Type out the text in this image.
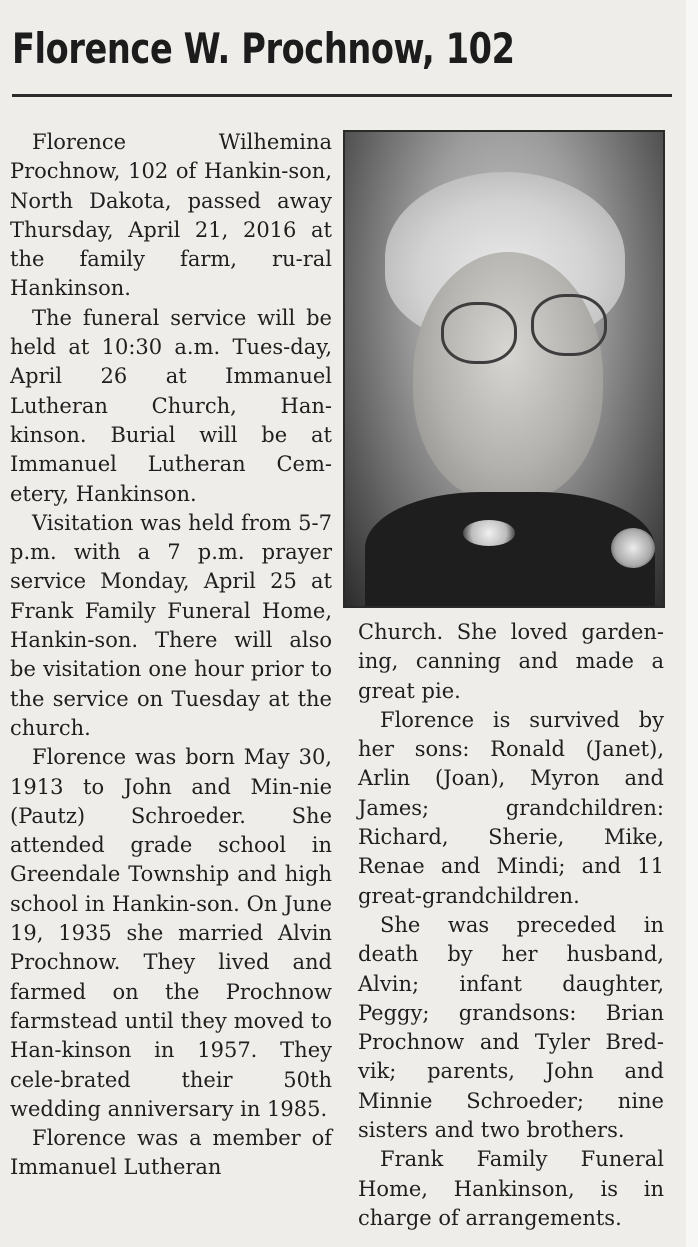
Florence W. Prochnow, 102

Florence Wilhemina Prochnow, 102 of Hankin-son, North Dakota, passed away Thursday, April 21, 2016 at the family farm, ru-ral Hankinson.

The funeral service will be held at 10:30 a.m. Tues-day, April 26 at Immanuel Lutheran Church, Han-kinson. Burial will be at Immanuel Lutheran Cem-etery, Hankinson.

Visitation was held from 5-7 p.m. with a 7 p.m. prayer service Monday, April 25 at Frank Family Funeral Home, Hankin-son. There will also be visitation one hour prior to the service on Tuesday at the church.

Florence was born May 30, 1913 to John and Min-nie (Pautz) Schroeder. She attended grade school in Greendale Township and high school in Hankin-son. On June 19, 1935 she married Alvin Prochnow. They lived and farmed on the Prochnow farmstead until they moved to Han-kinson in 1957. They cele-brated their 50th wedding anniversary in 1985.

Florence was a member of Immanuel Lutheran

Church. She loved garden-ing, canning and made a great pie.

Florence is survived by her sons: Ronald (Janet), Arlin (Joan), Myron and James; grandchildren: Richard, Sherie, Mike, Renae and Mindi; and 11 great-grandchildren.

She was preceded in death by her husband, Alvin; infant daughter, Peggy; grandsons: Brian Prochnow and Tyler Bred-vik; parents, John and Minnie Schroeder; nine sisters and two brothers.

Frank Family Funeral Home, Hankinson, is in charge of arrangements.
